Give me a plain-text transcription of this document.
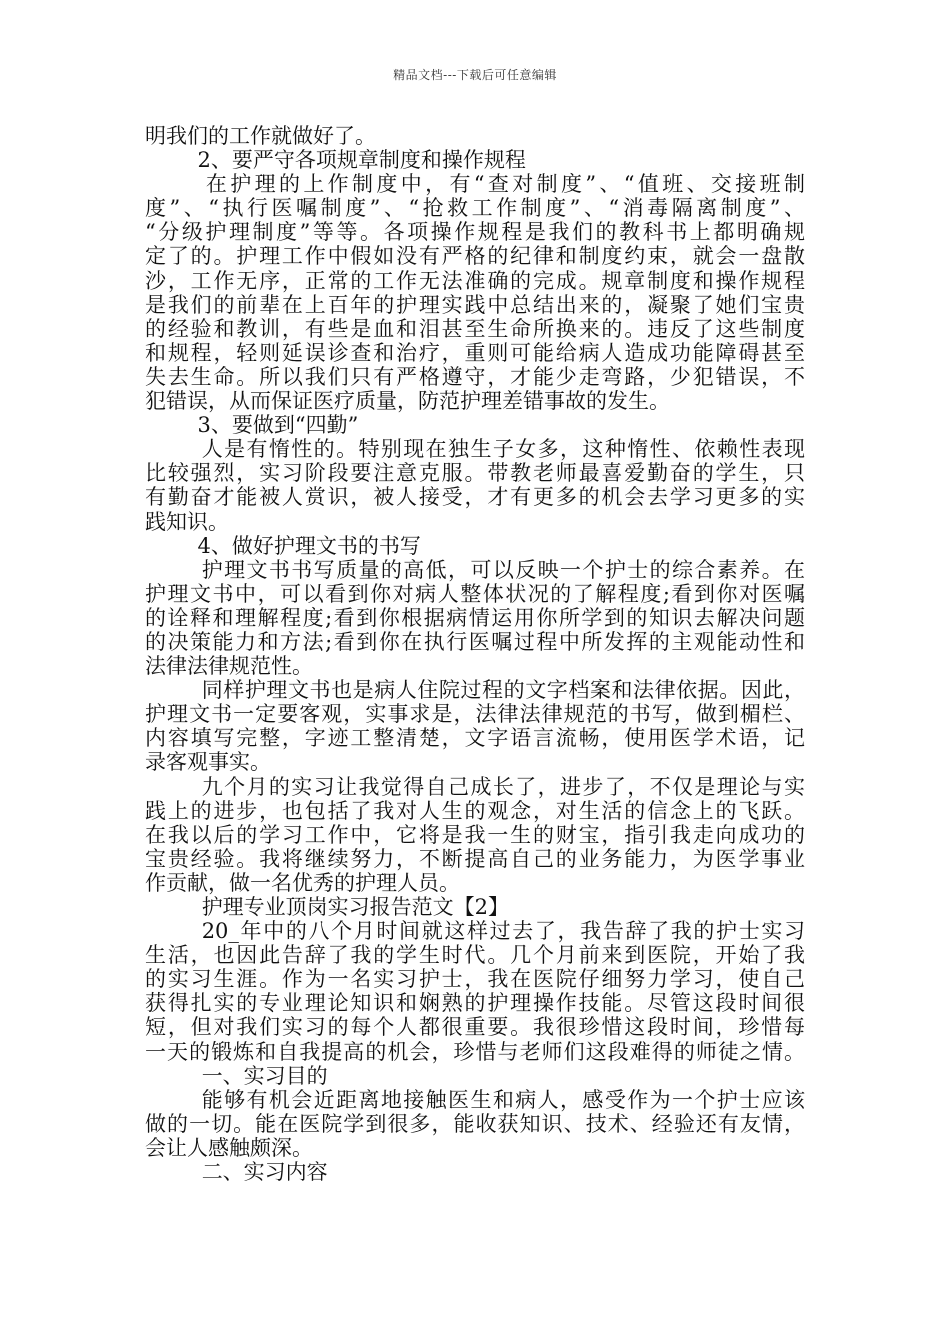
精品文档---下载后可任意编辑
明我们的工作就做好了。
2、要严守各项规章制度和操作规程
在护理的上作制度中，有“查对制度”、“值班、交接班制
度”、“执行医嘱制度”、“抢救工作制度”、“消毒隔离制度”、
“分级护理制度”等等。各项操作规程是我们的教科书上都明确规
定了的。护理工作中假如没有严格的纪律和制度约束，就会一盘散
沙，工作无序，正常的工作无法准确的完成。规章制度和操作规程
是我们的前辈在上百年的护理实践中总结出来的，凝聚了她们宝贵
的经验和教训，有些是血和泪甚至生命所换来的。违反了这些制度
和规程，轻则延误诊查和治疗，重则可能给病人造成功能障碍甚至
失去生命。所以我们只有严格遵守，才能少走弯路，少犯错误，不
犯错误，从而保证医疗质量，防范护理差错事故的发生。
3、要做到“四勤”
人是有惰性的。特别现在独生子女多，这种惰性、依赖性表现
比较强烈，实习阶段要注意克服。带教老师最喜爱勤奋的学生，只
有勤奋才能被人赏识，被人接受，才有更多的机会去学习更多的实
践知识。
4、做好护理文书的书写
护理文书书写质量的高低，可以反映一个护士的综合素养。在
护理文书中，可以看到你对病人整体状况的了解程度;看到你对医嘱
的诠释和理解程度;看到你根据病情运用你所学到的知识去解决问题
的决策能力和方法;看到你在执行医嘱过程中所发挥的主观能动性和
法律法律规范性。
同样护理文书也是病人住院过程的文字档案和法律依据。因此，
护理文书一定要客观，实事求是，法律法律规范的书写，做到楣栏、
内容填写完整，字迹工整清楚，文字语言流畅，使用医学术语，记
录客观事实。
九个月的实习让我觉得自己成长了，进步了，不仅是理论与实
践上的进步，也包括了我对人生的观念，对生活的信念上的飞跃。
在我以后的学习工作中，它将是我一生的财宝，指引我走向成功的
宝贵经验。我将继续努力，不断提高自己的业务能力，为医学事业
作贡献，做一名优秀的护理人员。
护理专业顶岗实习报告范文【2】
20_年中的八个月时间就这样过去了，我告辞了我的护士实习
生活，也因此告辞了我的学生时代。几个月前来到医院，开始了我
的实习生涯。作为一名实习护士，我在医院仔细努力学习，使自己
获得扎实的专业理论知识和娴熟的护理操作技能。尽管这段时间很
短，但对我们实习的每个人都很重要。我很珍惜这段时间，珍惜每
一天的锻炼和自我提高的机会，珍惜与老师们这段难得的师徒之情。
一、实习目的
能够有机会近距离地接触医生和病人，感受作为一个护士应该
做的一切。能在医院学到很多，能收获知识、技术、经验还有友情，
会让人感触颇深。
二、实习内容
